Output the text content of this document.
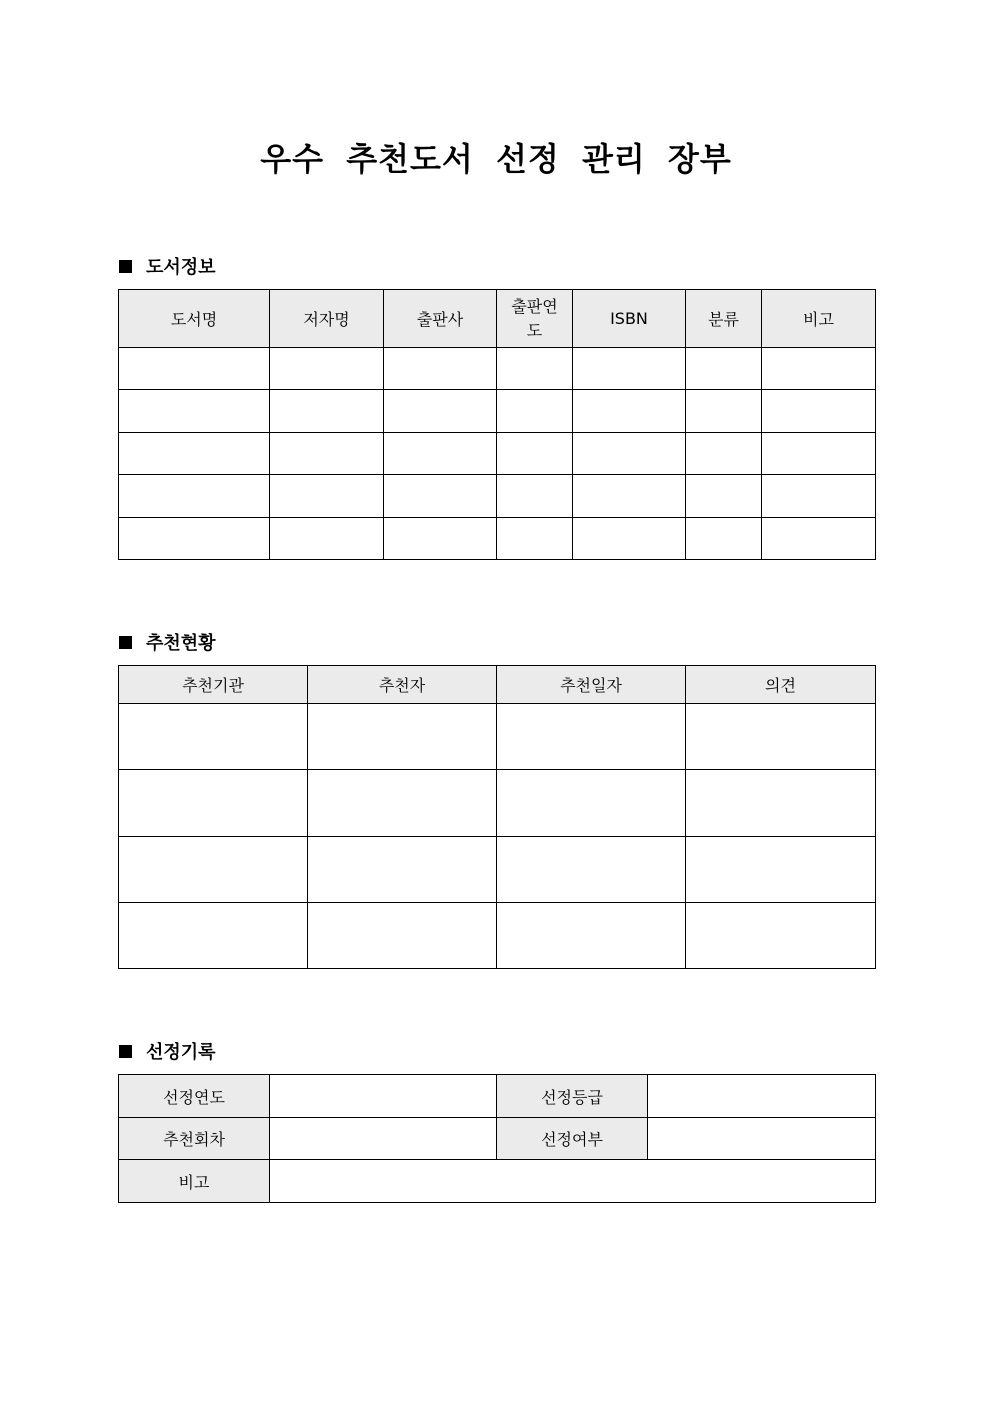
우수 추천도서 선정 관리 장부
도서정보
도서명	저자명	출판사	출판연도	ISBN	분류	비고

추천현황
추천기관	추천자	추천일자	의견

선정기록
선정연도		선정등급	
추천회차		선정여부	
비고			
